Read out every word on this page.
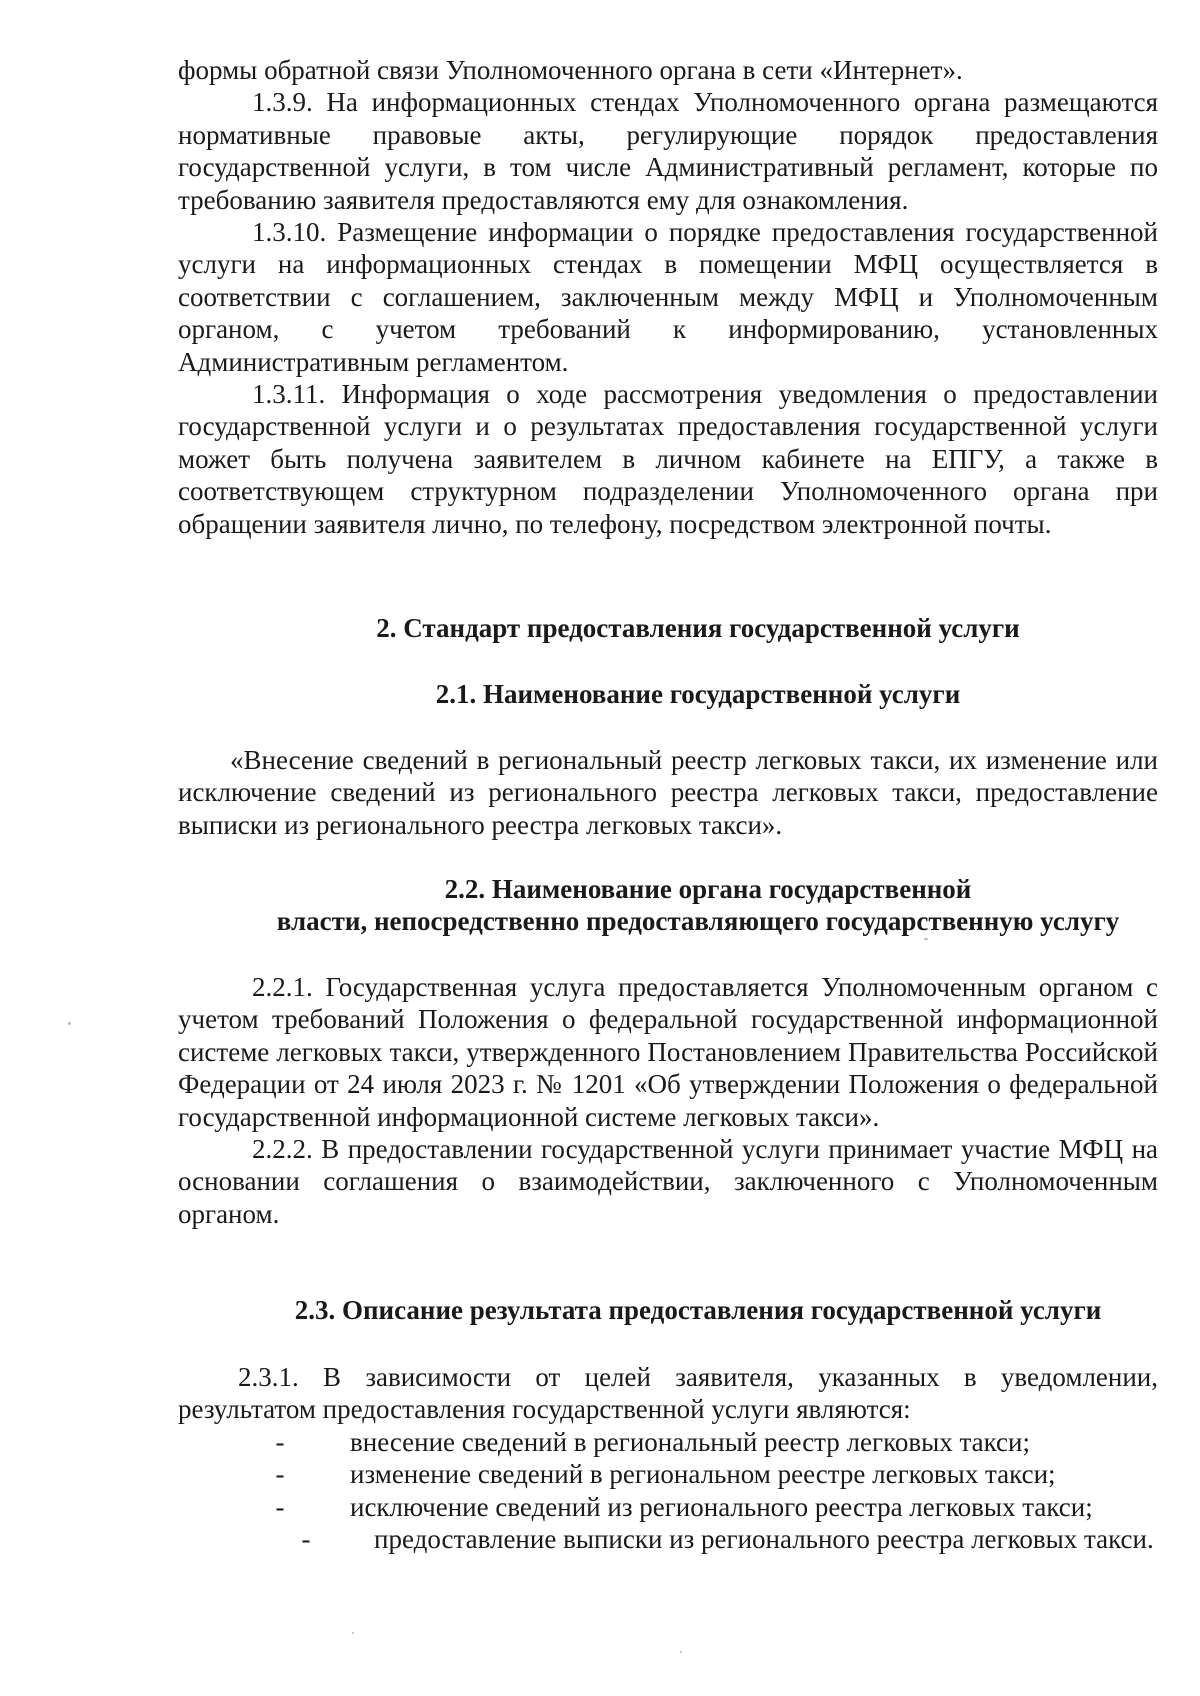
формы обратной связи Уполномоченного органа в сети «Интернет».

1.3.9. На информационных стендах Уполномоченного органа размещаются нормативные правовые акты, регулирующие порядок предоставления государственной услуги, в том числе Административный регламент, которые по требованию заявителя предоставляются ему для ознакомления.

1.3.10. Размещение информации о порядке предоставления государственной услуги на информационных стендах в помещении МФЦ осуществляется в соответствии с соглашением, заключенным между МФЦ и Уполномоченным органом, с учетом требований к информированию, установленных Административным регламентом.

1.3.11. Информация о ходе рассмотрения уведомления о предоставлении государственной услуги и о результатах предоставления государственной услуги может быть получена заявителем в личном кабинете на ЕПГУ, а также в соответствующем структурном подразделении Уполномоченного органа при обращении заявителя лично, по телефону, посредством электронной почты.

2. Стандарт предоставления государственной услуги

2.1. Наименование государственной услуги

«Внесение сведений в региональный реестр легковых такси, их изменение или исключение сведений из регионального реестра легковых такси, предоставление выписки из регионального реестра легковых такси».

2.2. Наименование органа государственной

власти, непосредственно предоставляющего государственную услугу

2.2.1. Государственная услуга предоставляется Уполномоченным органом с учетом требований Положения о федеральной государственной информационной системе легковых такси, утвержденного Постановлением Правительства Российской Федерации от 24 июля 2023 г. № 1201 «Об утверждении Положения о федеральной государственной информационной системе легковых такси».

2.2.2. В предоставлении государственной услуги принимает участие МФЦ на основании соглашения о взаимодействии, заключенного с Уполномоченным органом.

2.3. Описание результата предоставления государственной услуги

2.3.1. В зависимости от целей заявителя, указанных в уведомлении, результатом предоставления государственной услуги являются:

-	внесение сведений в региональный реестр легковых такси;
-	изменение сведений в региональном реестре легковых такси;
-	исключение сведений из регионального реестра легковых такси;

- предоставление выписки из регионального реестра легковых такси.
